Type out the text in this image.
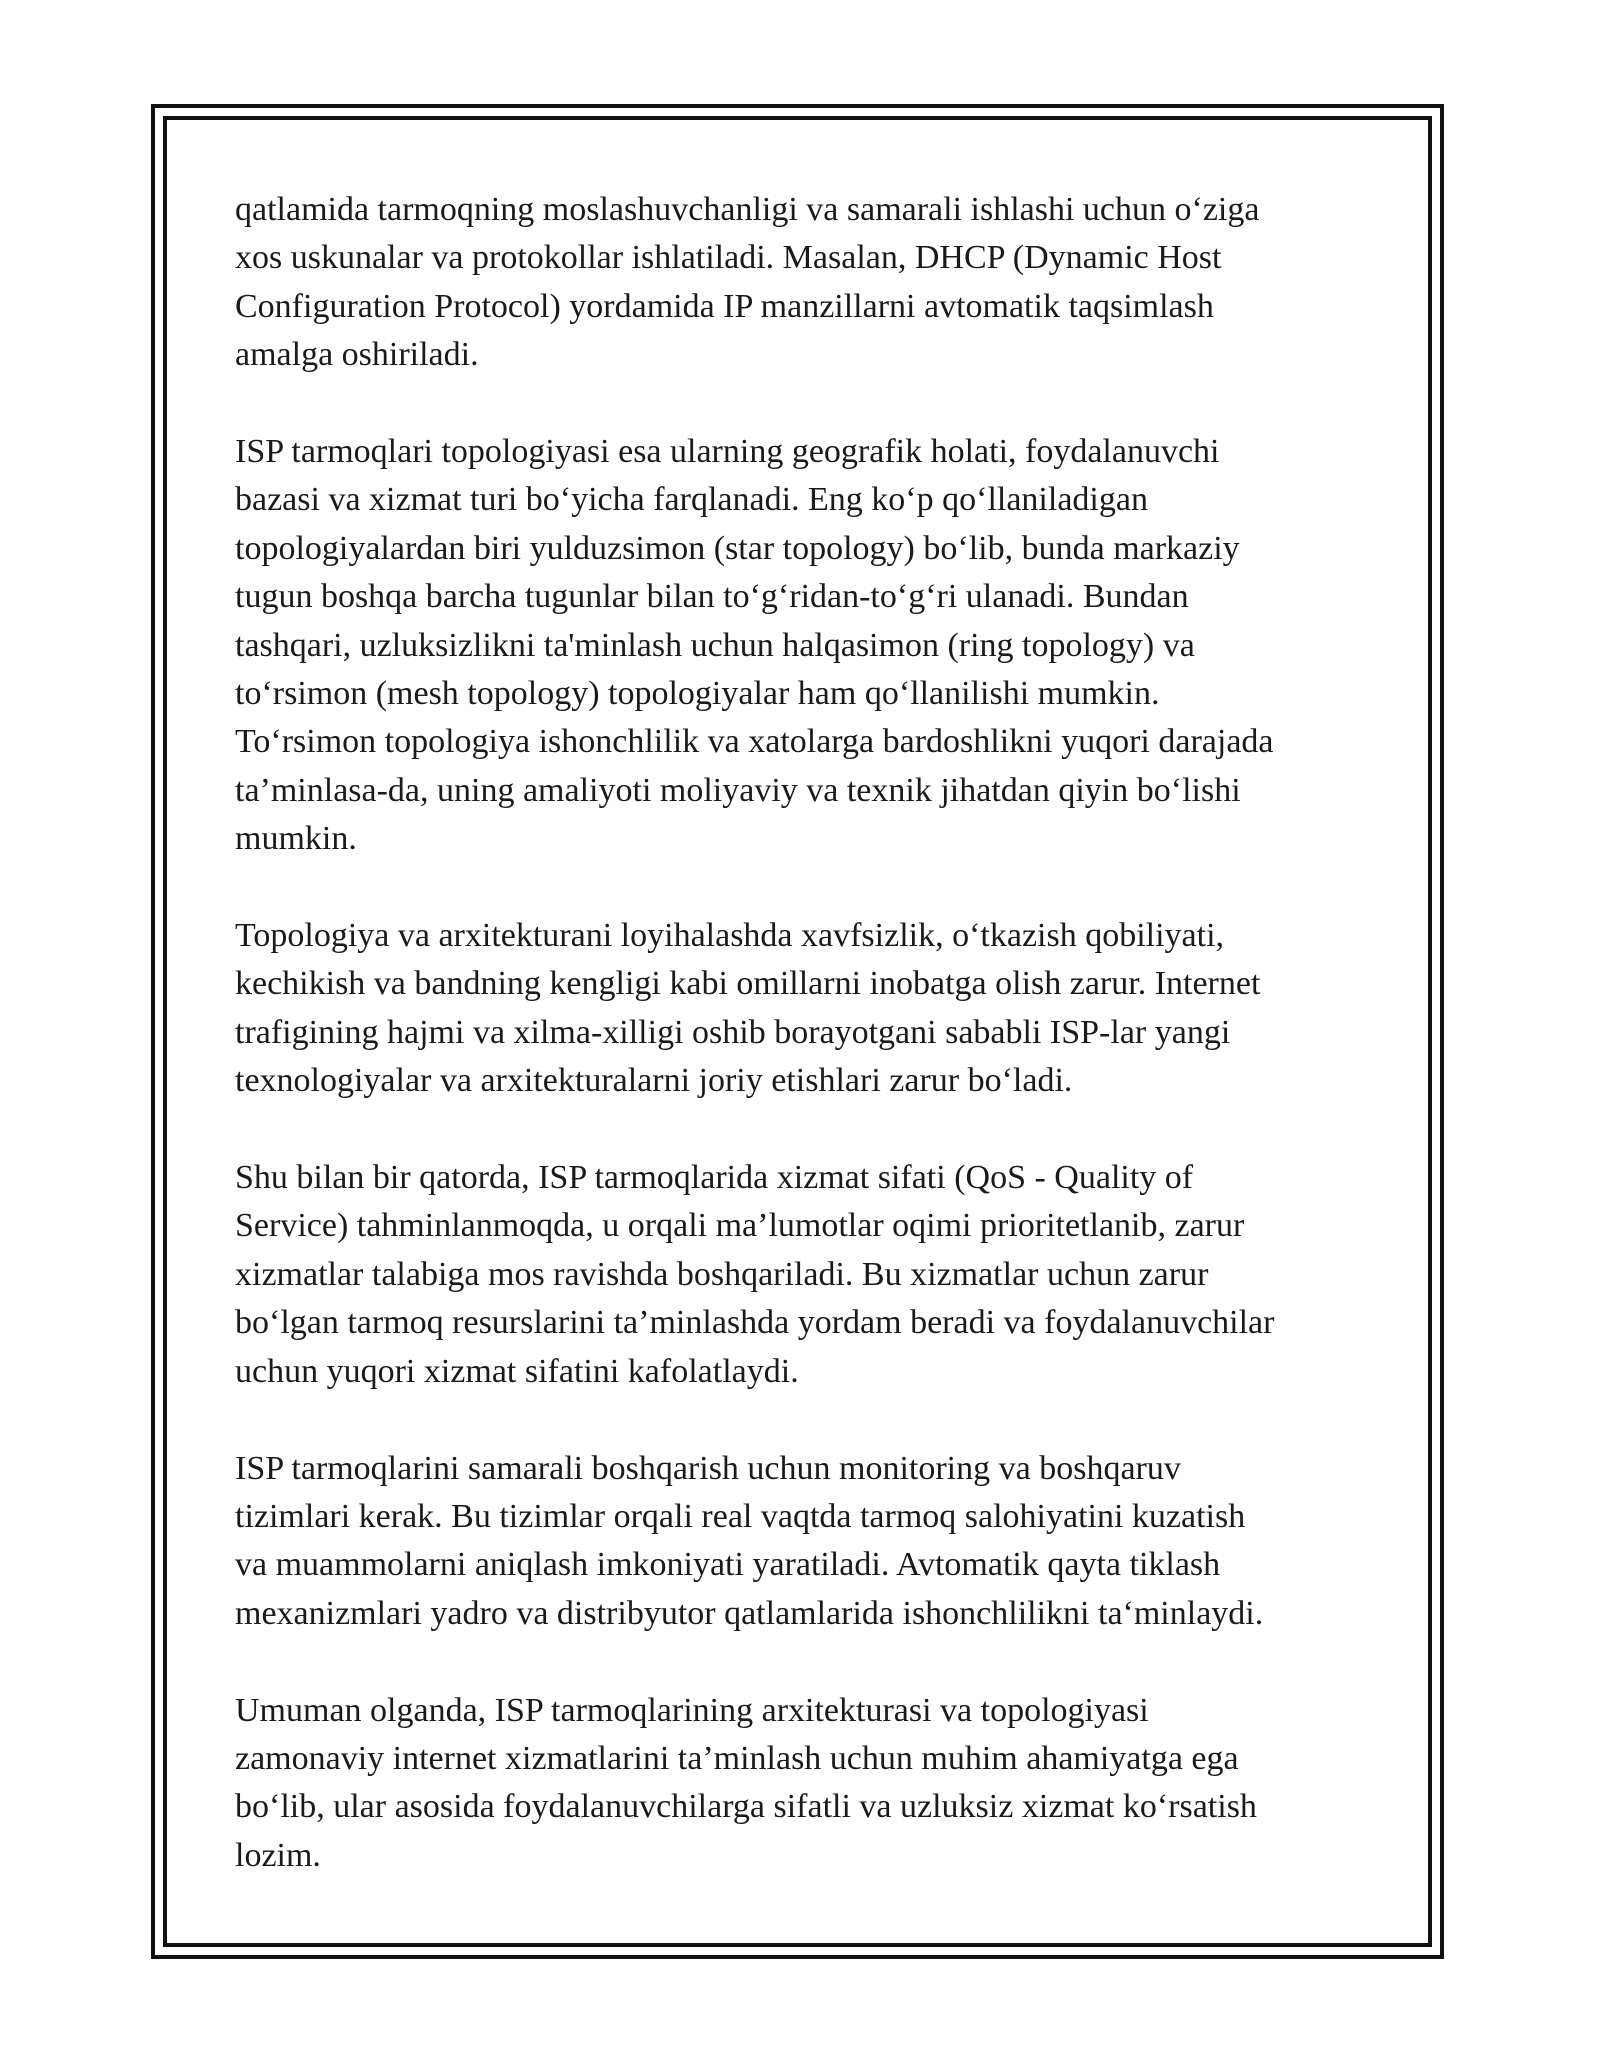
qatlamida tarmoqning moslashuvchanligi va samarali ishlashi uchun o‘ziga
xos uskunalar va protokollar ishlatiladi. Masalan, DHCP (Dynamic Host
Configuration Protocol) yordamida IP manzillarni avtomatik taqsimlash
amalga oshiriladi.

ISP tarmoqlari topologiyasi esa ularning geografik holati, foydalanuvchi
bazasi va xizmat turi bo‘yicha farqlanadi. Eng ko‘p qo‘llaniladigan
topologiyalardan biri yulduzsimon (star topology) bo‘lib, bunda markaziy
tugun boshqa barcha tugunlar bilan to‘g‘ridan-to‘g‘ri ulanadi. Bundan
tashqari, uzluksizlikni ta'minlash uchun halqasimon (ring topology) va
to‘rsimon (mesh topology) topologiyalar ham qo‘llanilishi mumkin.
To‘rsimon topologiya ishonchlilik va xatolarga bardoshlikni yuqori darajada
ta’minlasa-da, uning amaliyoti moliyaviy va texnik jihatdan qiyin bo‘lishi
mumkin.

Topologiya va arxitekturani loyihalashda xavfsizlik, o‘tkazish qobiliyati,
kechikish va bandning kengligi kabi omillarni inobatga olish zarur. Internet
trafigining hajmi va xilma-xilligi oshib borayotgani sababli ISP-lar yangi
texnologiyalar va arxitekturalarni joriy etishlari zarur bo‘ladi.

Shu bilan bir qatorda, ISP tarmoqlarida xizmat sifati (QoS - Quality of
Service) tahminlanmoqda, u orqali ma’lumotlar oqimi prioritetlanib, zarur
xizmatlar talabiga mos ravishda boshqariladi. Bu xizmatlar uchun zarur
bo‘lgan tarmoq resurslarini ta’minlashda yordam beradi va foydalanuvchilar
uchun yuqori xizmat sifatini kafolatlaydi.

ISP tarmoqlarini samarali boshqarish uchun monitoring va boshqaruv
tizimlari kerak. Bu tizimlar orqali real vaqtda tarmoq salohiyatini kuzatish
va muammolarni aniqlash imkoniyati yaratiladi. Avtomatik qayta tiklash
mexanizmlari yadro va distribyutor qatlamlarida ishonchlilikni ta‘minlaydi.

Umuman olganda, ISP tarmoqlarining arxitekturasi va topologiyasi
zamonaviy internet xizmatlarini ta’minlash uchun muhim ahamiyatga ega
bo‘lib, ular asosida foydalanuvchilarga sifatli va uzluksiz xizmat ko‘rsatish
lozim.
